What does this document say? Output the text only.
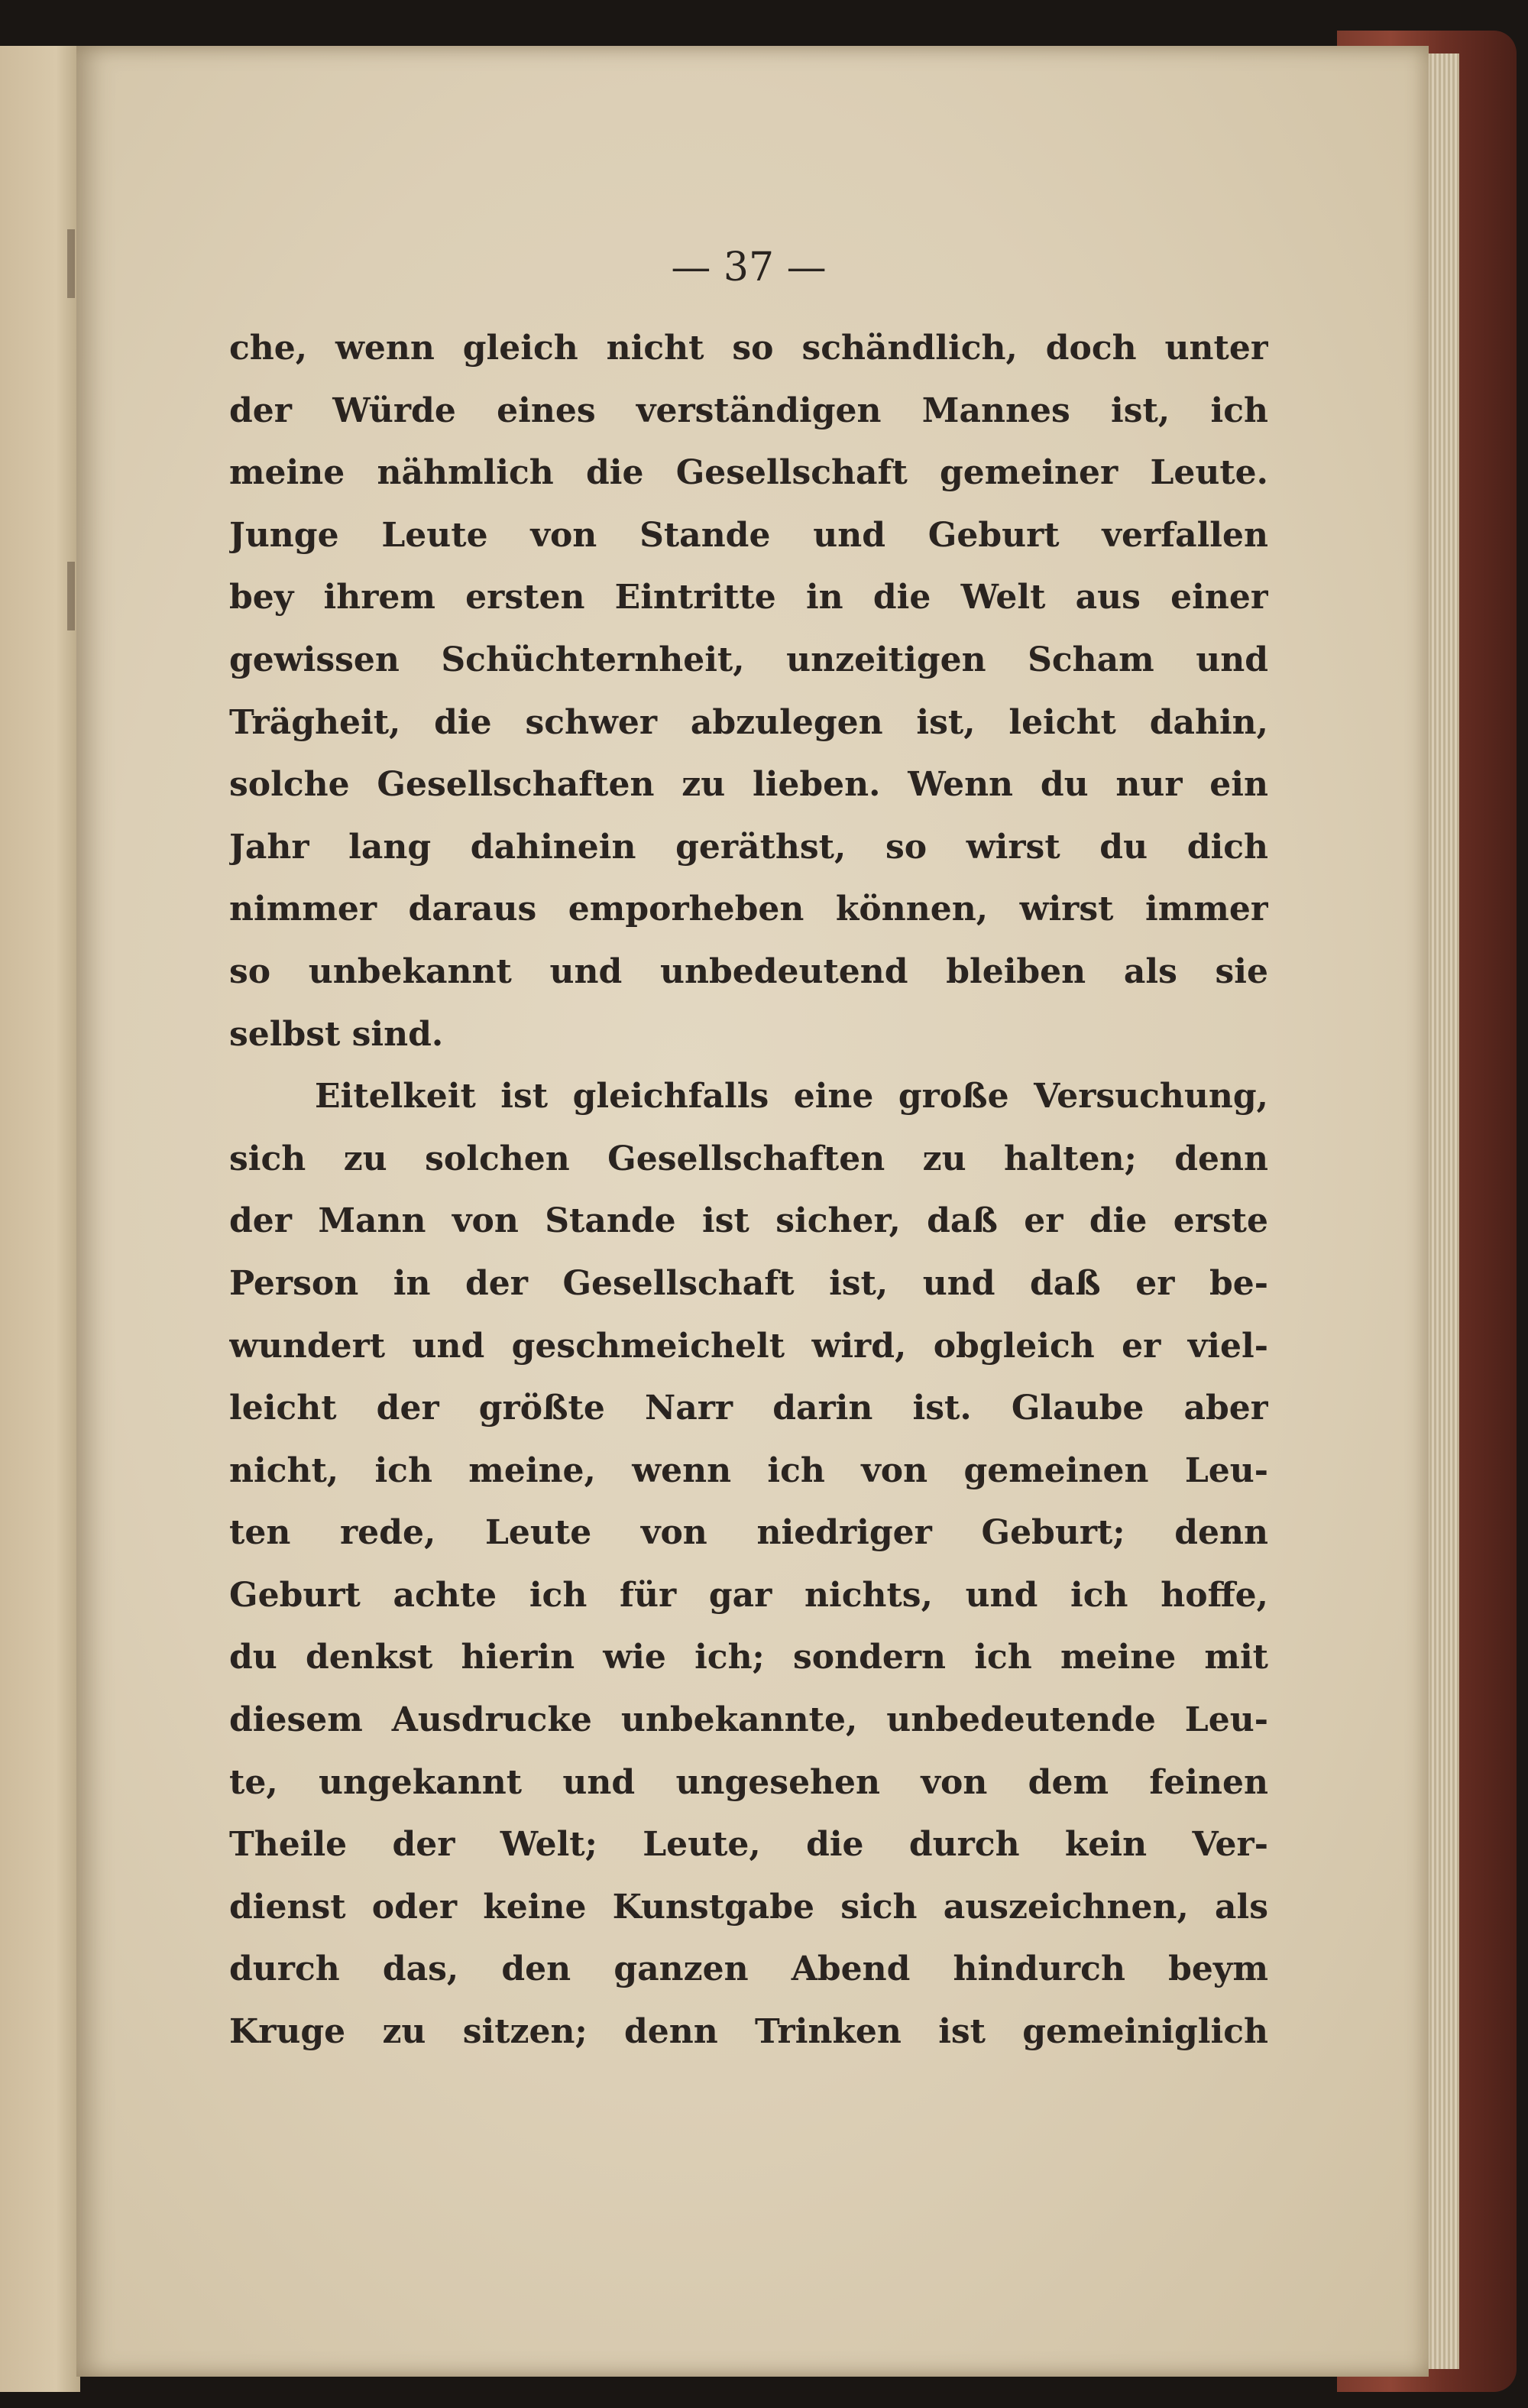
— 37 —
che, wenn gleich nicht so schändlich, doch unter
der Würde eines verständigen Mannes ist, ich
meine nähmlich die Gesellschaft gemeiner Leute.
Junge Leute von Stande und Geburt verfallen
bey ihrem ersten Eintritte in die Welt aus einer
gewissen Schüchternheit, unzeitigen Scham und
Trägheit, die schwer abzulegen ist, leicht dahin,
solche Gesellschaften zu lieben. Wenn du nur ein
Jahr lang dahinein geräthst, so wirst du dich
nimmer daraus emporheben können, wirst immer
so unbekannt und unbedeutend bleiben als sie
selbst sind.
Eitelkeit ist gleichfalls eine große Versuchung,
sich zu solchen Gesellschaften zu halten; denn
der Mann von Stande ist sicher, daß er die erste
Person in der Gesellschaft ist, und daß er be-
wundert und geschmeichelt wird, obgleich er viel-
leicht der größte Narr darin ist. Glaube aber
nicht, ich meine, wenn ich von gemeinen Leu-
ten rede, Leute von niedriger Geburt; denn
Geburt achte ich für gar nichts, und ich hoffe,
du denkst hierin wie ich; sondern ich meine mit
diesem Ausdrucke unbekannte, unbedeutende Leu-
te, ungekannt und ungesehen von dem feinen
Theile der Welt; Leute, die durch kein Ver-
dienst oder keine Kunstgabe sich auszeichnen, als
durch das, den ganzen Abend hindurch beym
Kruge zu sitzen; denn Trinken ist gemeiniglich
